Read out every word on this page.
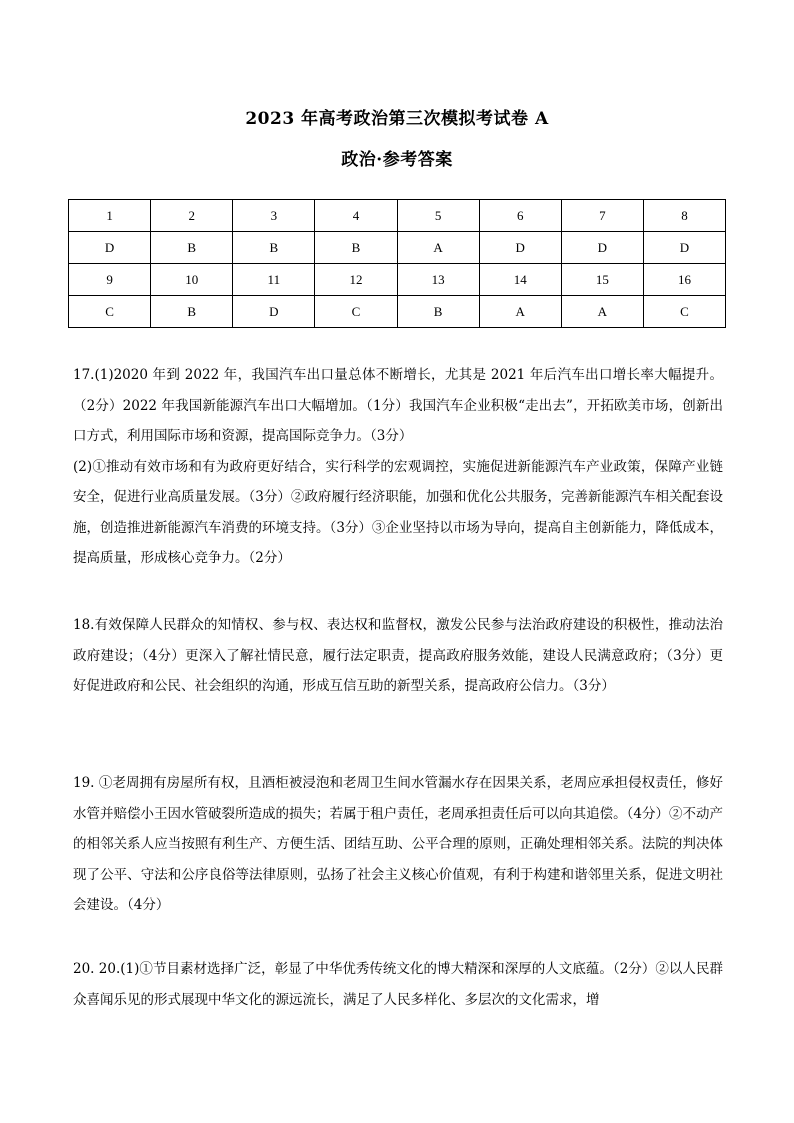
2023 年高考政治第三次模拟考试卷 A
政治·参考答案
1	2	3	4	5	6	7	8
D	B	B	B	A	D	D	D
9	10	11	12	13	14	15	16
C	B	D	C	B	A	A	C

17.(1)2020 年到 2022 年，我国汽车出口量总体不断增长，尤其是 2021 年后汽车出口增长率大幅提升。（2分）2022 年我国新能源汽车出口大幅增加。（1分）我国汽车企业积极“走出去”，开拓欧美市场，创新出口方式，利用国际市场和资源，提高国际竞争力。（3分）

(2)①推动有效市场和有为政府更好结合，实行科学的宏观调控，实施促进新能源汽车产业政策，保障产业链安全，促进行业高质量发展。（3分）②政府履行经济职能，加强和优化公共服务，完善新能源汽车相关配套设施，创造推进新能源汽车消费的环境支持。（3分）③企业坚持以市场为导向，提高自主创新能力，降低成本，提高质量，形成核心竞争力。（2分）

18.有效保障人民群众的知情权、参与权、表达权和监督权，激发公民参与法治政府建设的积极性，推动法治政府建设；（4分）更深入了解社情民意，履行法定职责，提高政府服务效能，建设人民满意政府；（3分）更好促进政府和公民、社会组织的沟通，形成互信互助的新型关系，提高政府公信力。（3分）

19. ①老周拥有房屋所有权，且酒柜被浸泡和老周卫生间水管漏水存在因果关系，老周应承担侵权责任，修好水管并赔偿小王因水管破裂所造成的损失；若属于租户责任，老周承担责任后可以向其追偿。（4分）②不动产的相邻关系人应当按照有利生产、方便生活、团结互助、公平合理的原则，正确处理相邻关系。法院的判决体现了公平、守法和公序良俗等法律原则，弘扬了社会主义核心价值观，有利于构建和谐邻里关系，促进文明社会建设。（4分）

20. 20.(1)①节目素材选择广泛，彰显了中华优秀传统文化的博大精深和深厚的人文底蕴。（2分）②以人民群众喜闻乐见的形式展现中华文化的源远流长，满足了人民多样化、多层次的文化需求，增
